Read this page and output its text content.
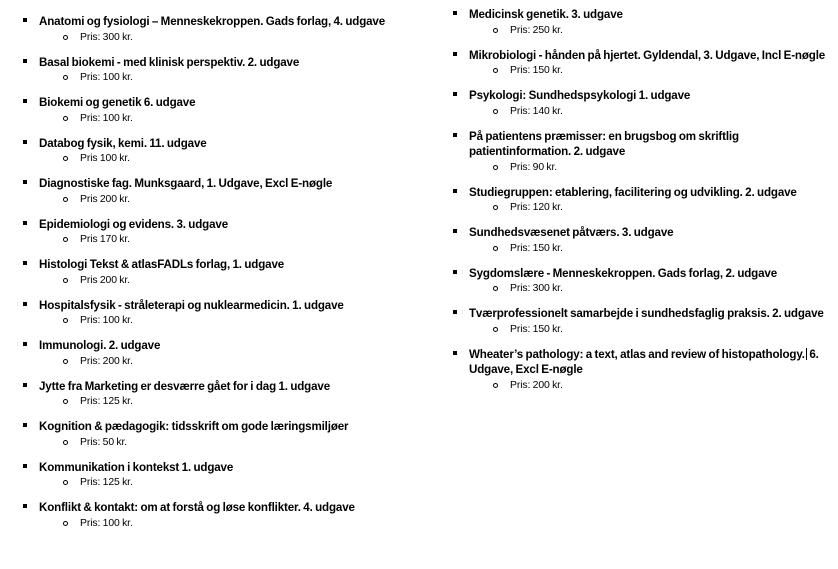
Anatomi og fysiologi – Menneskekroppen. Gads forlag, 4. udgave
Pris: 300 kr.
Basal biokemi - med klinisk perspektiv. 2. udgave
Pris: 100 kr.
Biokemi og genetik 6. udgave
Pris: 100 kr.
Databog fysik, kemi. 11. udgave
Pris 100 kr.
Diagnostiske fag. Munksgaard, 1. Udgave, Excl E-nøgle
Pris 200 kr.
Epidemiologi og evidens. 3. udgave
Pris 170 kr.
Histologi Tekst & atlasFADLs forlag, 1. udgave
Pris 200 kr.
Hospitalsfysik - stråleterapi og nuklearmedicin. 1. udgave
Pris: 100 kr.
Immunologi. 2. udgave
Pris: 200 kr.
Jytte fra Marketing er desværre gået for i dag 1. udgave
Pris: 125 kr.
Kognition & pædagogik: tidsskrift om gode læringsmiljøer
Pris: 50 kr.
Kommunikation i kontekst 1. udgave
Pris: 125 kr.
Konflikt & kontakt: om at forstå og løse konflikter. 4. udgave
Pris: 100 kr.
Medicinsk genetik. 3. udgave
Pris: 250 kr.
Mikrobiologi - hånden på hjertet. Gyldendal, 3. Udgave, Incl E-nøgle
Pris: 150 kr.
Psykologi: Sundhedspsykologi 1. udgave
Pris: 140 kr.
På patientens præmisser: en brugsbog om skriftlig patientinformation. 2. udgave
Pris: 90 kr.
Studiegruppen: etablering, facilitering og udvikling. 2. udgave
Pris: 120 kr.
Sundhedsvæsenet påtværs. 3. udgave
Pris: 150 kr.
Sygdomslære - Menneskekroppen. Gads forlag, 2. udgave
Pris: 300 kr.
Tværprofessionelt samarbejde i sundhedsfaglig praksis. 2. udgave
Pris: 150 kr.
Wheater’s pathology: a text, atlas and review of histopathology. 6. Udgave, Excl E-nøgle
Pris: 200 kr.
